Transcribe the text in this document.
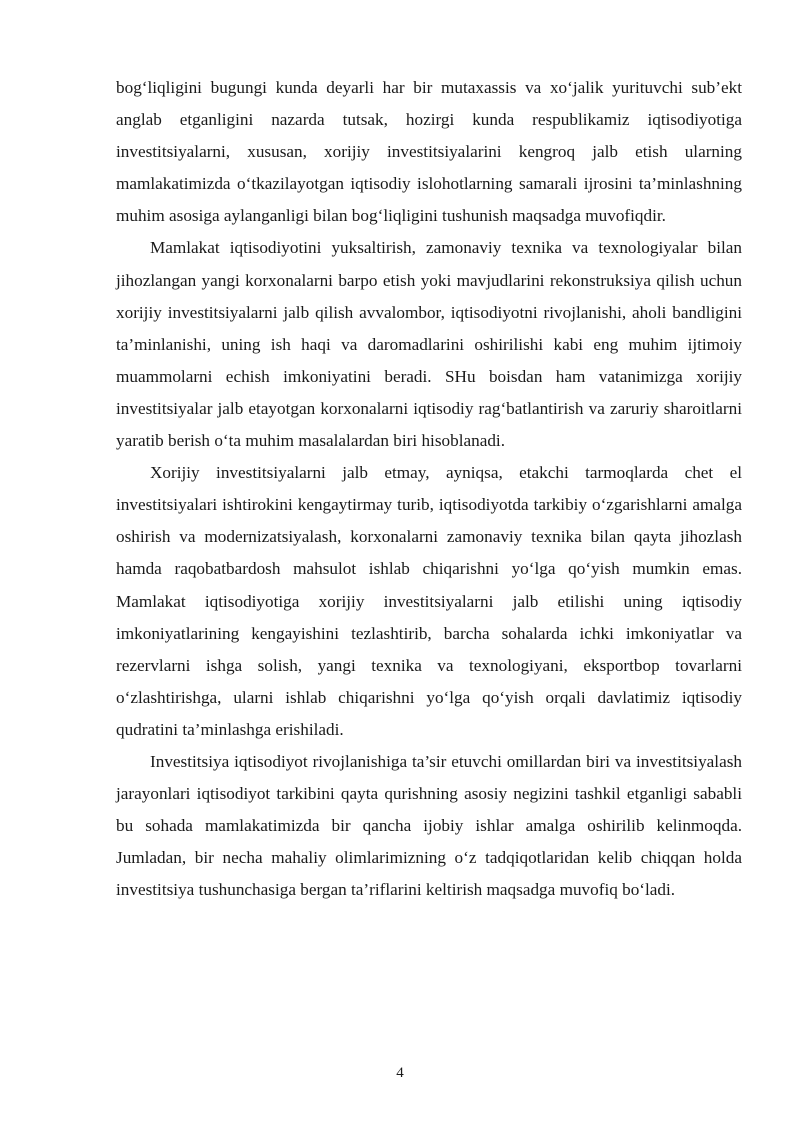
bog‘liqligini bugungi kunda deyarli har bir mutaxassis va xo‘jalik yurituvchi sub’ekt anglab etganligini nazarda tutsak, hozirgi kunda respublikamiz iqtisodiyotiga investitsiyalarni, xususan, xorijiy investitsiyalarini kengroq jalb etish ularning mamlakatimizda o‘tkazilayotgan iqtisodiy islohotlarning samarali ijrosini ta’minlashning muhim asosiga aylanganligi bilan bog‘liqligini tushunish maqsadga muvofiqdir.

Mamlakat iqtisodiyotini yuksaltirish, zamonaviy texnika va texnologiyalar bilan jihozlangan yangi korxonalarni barpo etish yoki mavjudlarini rekonstruksiya qilish uchun xorijiy investitsiyalarni jalb qilish avvalombor, iqtisodiyotni rivojlanishi, aholi bandligini ta’minlanishi, uning ish haqi va daromadlarini oshirilishi kabi eng muhim ijtimoiy muammolarni echish imkoniyatini beradi. SHu boisdan ham vatanimizga xorijiy investitsiyalar jalb etayotgan korxonalarni iqtisodiy rag‘batlantirish va zaruriy sharoitlarni yaratib berish o‘ta muhim masalalardan biri hisoblanadi.

Xorijiy investitsiyalarni jalb etmay, ayniqsa, etakchi tarmoqlarda chet el investitsiyalari ishtirokini kengaytirmay turib, iqtisodiyotda tarkibiy o‘zgarishlarni amalga oshirish va modernizatsiyalash, korxonalarni zamonaviy texnika bilan qayta jihozlash hamda raqobatbardosh mahsulot ishlab chiqarishni yo‘lga qo‘yish mumkin emas. Mamlakat iqtisodiyotiga xorijiy investitsiyalarni jalb etilishi uning iqtisodiy imkoniyatlarining kengayishini tezlashtirib, barcha sohalarda ichki imkoniyatlar va rezervlarni ishga solish, yangi texnika va texnologiyani, eksportbop tovarlarni o‘zlashtirishga, ularni ishlab chiqarishni yo‘lga qo‘yish orqali davlatimiz iqtisodiy qudratini ta’minlashga erishiladi.

Investitsiya iqtisodiyot rivojlanishiga ta’sir etuvchi omillardan biri va investitsiyalash jarayonlari iqtisodiyot tarkibini qayta qurishning asosiy negizini tashkil etganligi sababli bu sohada mamlakatimizda bir qancha ijobiy ishlar amalga oshirilib kelinmoqda. Jumladan, bir necha mahaliy olimlarimizning o‘z tadqiqotlaridan kelib chiqqan holda investitsiya tushunchasiga bergan ta’riflarini keltirish maqsadga muvofiq bo‘ladi.

4
